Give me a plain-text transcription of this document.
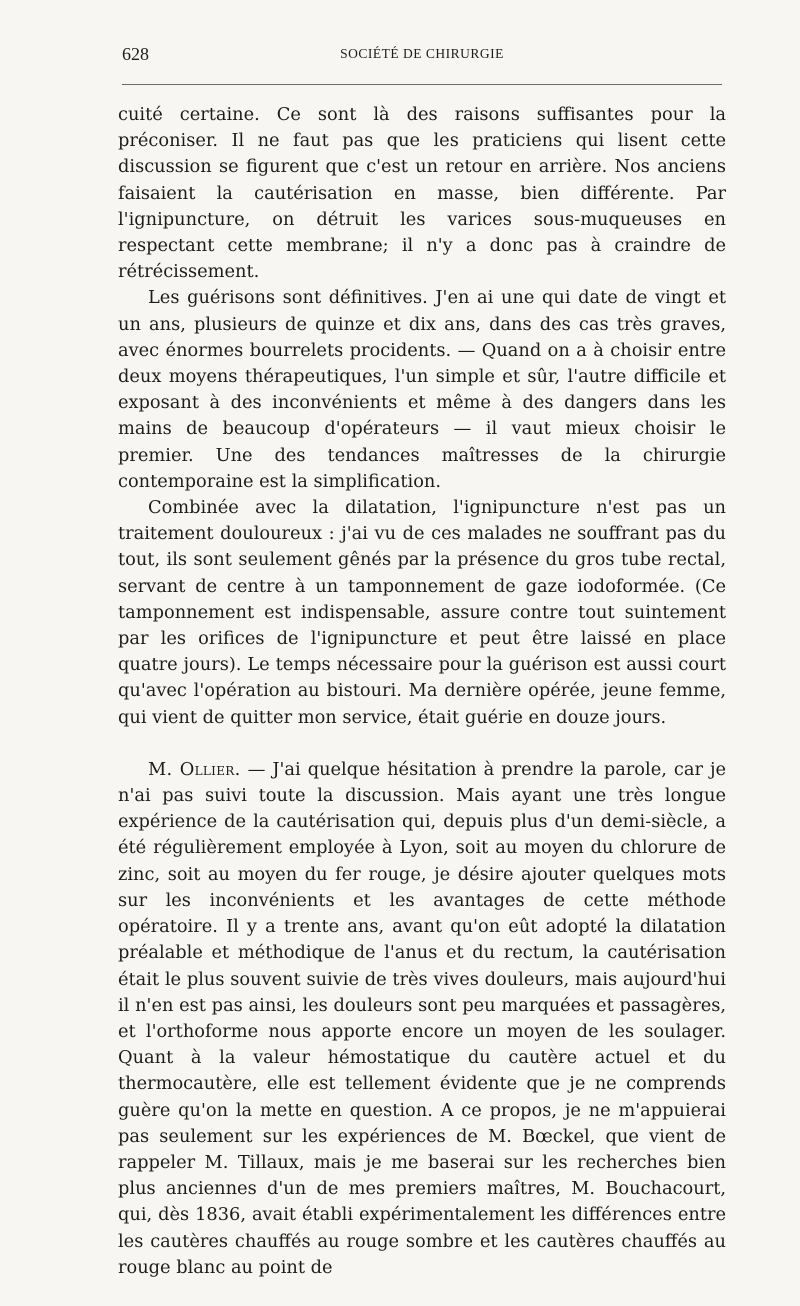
628	SOCIÉTÉ DE CHIRURGIE

cuité certaine. Ce sont là des raisons suffisantes pour la préconiser. Il ne faut pas que les praticiens qui lisent cette discussion se figurent que c'est un retour en arrière. Nos anciens faisaient la cautérisation en masse, bien différente. Par l'ignipuncture, on détruit les varices sous-muqueuses en respectant cette membrane; il n'y a donc pas à craindre de rétrécissement.

Les guérisons sont définitives. J'en ai une qui date de vingt et un ans, plusieurs de quinze et dix ans, dans des cas très graves, avec énormes bourrelets procidents. — Quand on a à choisir entre deux moyens thérapeutiques, l'un simple et sûr, l'autre difficile et exposant à des inconvénients et même à des dangers dans les mains de beaucoup d'opérateurs — il vaut mieux choisir le premier. Une des tendances maîtresses de la chirurgie contemporaine est la simplification.

Combinée avec la dilatation, l'ignipuncture n'est pas un traitement douloureux : j'ai vu de ces malades ne souffrant pas du tout, ils sont seulement gênés par la présence du gros tube rectal, servant de centre à un tamponnement de gaze iodoformée. (Ce tamponnement est indispensable, assure contre tout suintement par les orifices de l'ignipuncture et peut être laissé en place quatre jours). Le temps nécessaire pour la guérison est aussi court qu'avec l'opération au bistouri. Ma dernière opérée, jeune femme, qui vient de quitter mon service, était guérie en douze jours.

M. Ollier. — J'ai quelque hésitation à prendre la parole, car je n'ai pas suivi toute la discussion. Mais ayant une très longue expérience de la cautérisation qui, depuis plus d'un demi-siècle, a été régulièrement employée à Lyon, soit au moyen du chlorure de zinc, soit au moyen du fer rouge, je désire ajouter quelques mots sur les inconvénients et les avantages de cette méthode opératoire. Il y a trente ans, avant qu'on eût adopté la dilatation préalable et méthodique de l'anus et du rectum, la cautérisation était le plus souvent suivie de très vives douleurs, mais aujourd'hui il n'en est pas ainsi, les douleurs sont peu marquées et passagères, et l'orthoforme nous apporte encore un moyen de les soulager. Quant à la valeur hémostatique du cautère actuel et du thermocautère, elle est tellement évidente que je ne comprends guère qu'on la mette en question. A ce propos, je ne m'appuierai pas seulement sur les expériences de M. Bœckel, que vient de rappeler M. Tillaux, mais je me baserai sur les recherches bien plus anciennes d'un de mes premiers maîtres, M. Bouchacourt, qui, dès 1836, avait établi expérimentalement les différences entre les cautères chauffés au rouge sombre et les cautères chauffés au rouge blanc au point de
